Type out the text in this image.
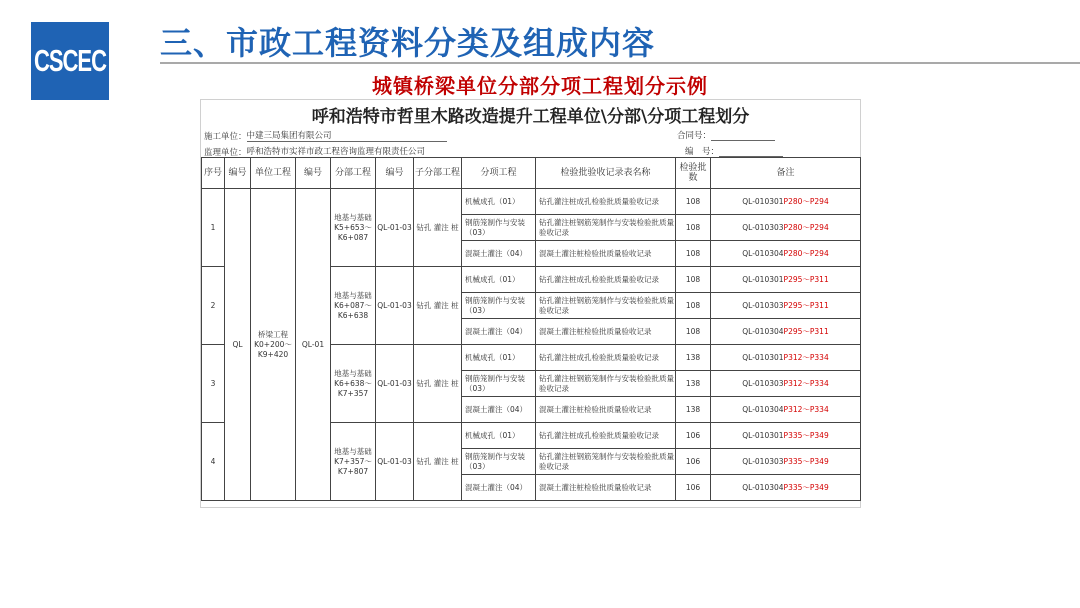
CSCEC 三、市政工程资料分类及组成内容
城镇桥梁单位分部分项工程划分示例
呼和浩特市哲里木路改造提升工程单位\分部\分项工程划分
施工单位：中建三局集团有限公司	合同号：
监理单位：呼和浩特市实祥市政工程咨询监理有限责任公司	编　号：
序号	编号	单位工程	编号	分部工程	编号	子分部工程	分项工程	检验批验收记录表名称	检验批数	备注
1	QL	桥梁工程 K0+200～ K9+420	QL-01	地基与基础 K5+653～ K6+087	QL-01-03	钻孔 灌注 桩	机械成孔（01）	钻孔灌注桩成孔检验批质量验收记录	108	QL-010301P280～P294
							钢筋笼制作与安装（03）	钻孔灌注桩钢筋笼制作与安装检验批质量验收记录	108	QL-010303P280～P294
							混凝土灌注（04）	混凝土灌注桩检验批质量验收记录	108	QL-010304P280～P294
2				地基与基础 K6+087～ K6+638	QL-01-03	钻孔 灌注 桩	机械成孔（01）	钻孔灌注桩成孔检验批质量验收记录	108	QL-010301P295～P311
							钢筋笼制作与安装（03）	钻孔灌注桩钢筋笼制作与安装检验批质量验收记录	108	QL-010303P295～P311
							混凝土灌注（04）	混凝土灌注桩检验批质量验收记录	108	QL-010304P295～P311
3				地基与基础 K6+638～ K7+357	QL-01-03	钻孔 灌注 桩	机械成孔（01）	钻孔灌注桩成孔检验批质量验收记录	138	QL-010301P312～P334
							钢筋笼制作与安装（03）	钻孔灌注桩钢筋笼制作与安装检验批质量验收记录	138	QL-010303P312～P334
							混凝土灌注（04）	混凝土灌注桩检验批质量验收记录	138	QL-010304P312～P334
4				地基与基础 K7+357～ K7+807	QL-01-03	钻孔 灌注 桩	机械成孔（01）	钻孔灌注桩成孔检验批质量验收记录	106	QL-010301P335～P349
							钢筋笼制作与安装（03）	钻孔灌注桩钢筋笼制作与安装检验批质量验收记录	106	QL-010303P335～P349
							混凝土灌注（04）	混凝土灌注桩检验批质量验收记录	106	QL-010304P335～P349
